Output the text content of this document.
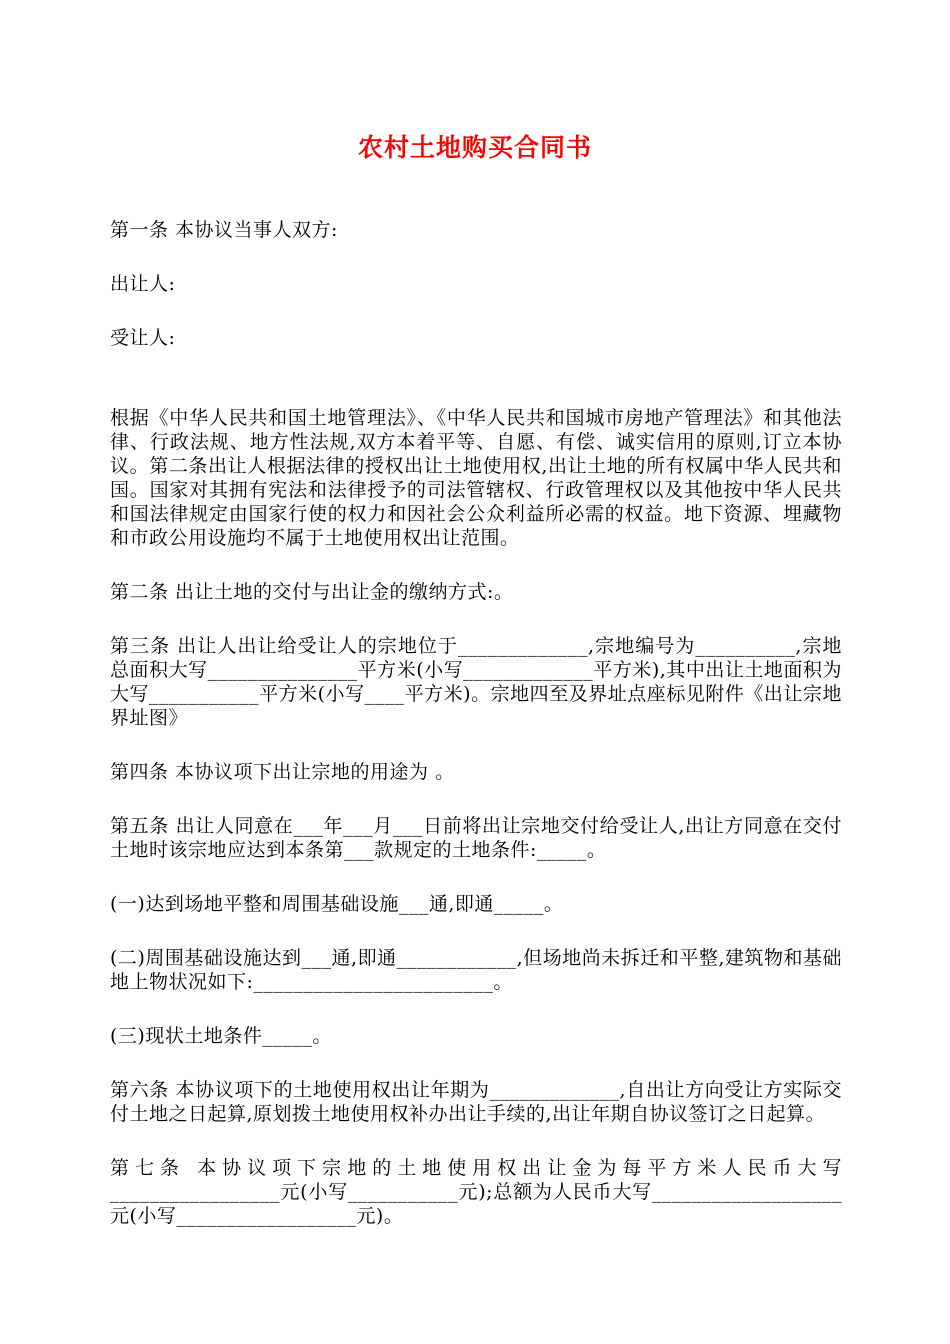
农村土地购买合同书

第一条 本协议当事人双方:

出让人:

受让人:

根据《中华人民共和国土地管理法》、《中华人民共和国城市房地产管理法》和其他法律、行政法规、地方性法规,双方本着平等、自愿、有偿、诚实信用的原则,订立本协议。第二条出让人根据法律的授权出让土地使用权,出让土地的所有权属中华人民共和国。国家对其拥有宪法和法律授予的司法管辖权、行政管理权以及其他按中华人民共和国法律规定由国家行使的权力和因社会公众利益所必需的权益。地下资源、埋藏物和市政公用设施均不属于土地使用权出让范围。

第二条 出让土地的交付与出让金的缴纳方式:。

第三条 出让人出让给受让人的宗地位于_____________,宗地编号为__________,宗地总面积大写_______________平方米(小写_____________平方米),其中出让土地面积为大写___________平方米(小写____平方米)。宗地四至及界址点座标见附件《出让宗地界址图》

第四条 本协议项下出让宗地的用途为 。

第五条 出让人同意在___年___月___日前将出让宗地交付给受让人,出让方同意在交付土地时该宗地应达到本条第___款规定的土地条件:_____。

(一)达到场地平整和周围基础设施___通,即通_____。

(二)周围基础设施达到___通,即通____________,但场地尚未拆迁和平整,建筑物和基础地上物状况如下:________________________。

(三)现状土地条件_____。

第六条 本协议项下的土地使用权出让年期为_____________,自出让方向受让方实际交付土地之日起算,原划拨土地使用权补办出让手续的,出让年期自协议签订之日起算。

第七条 本协议项下宗地的土地使用权出让金为每平方米人民币大写_________________元(小写___________元);总额为人民币大写___________________元(小写__________________元)。
